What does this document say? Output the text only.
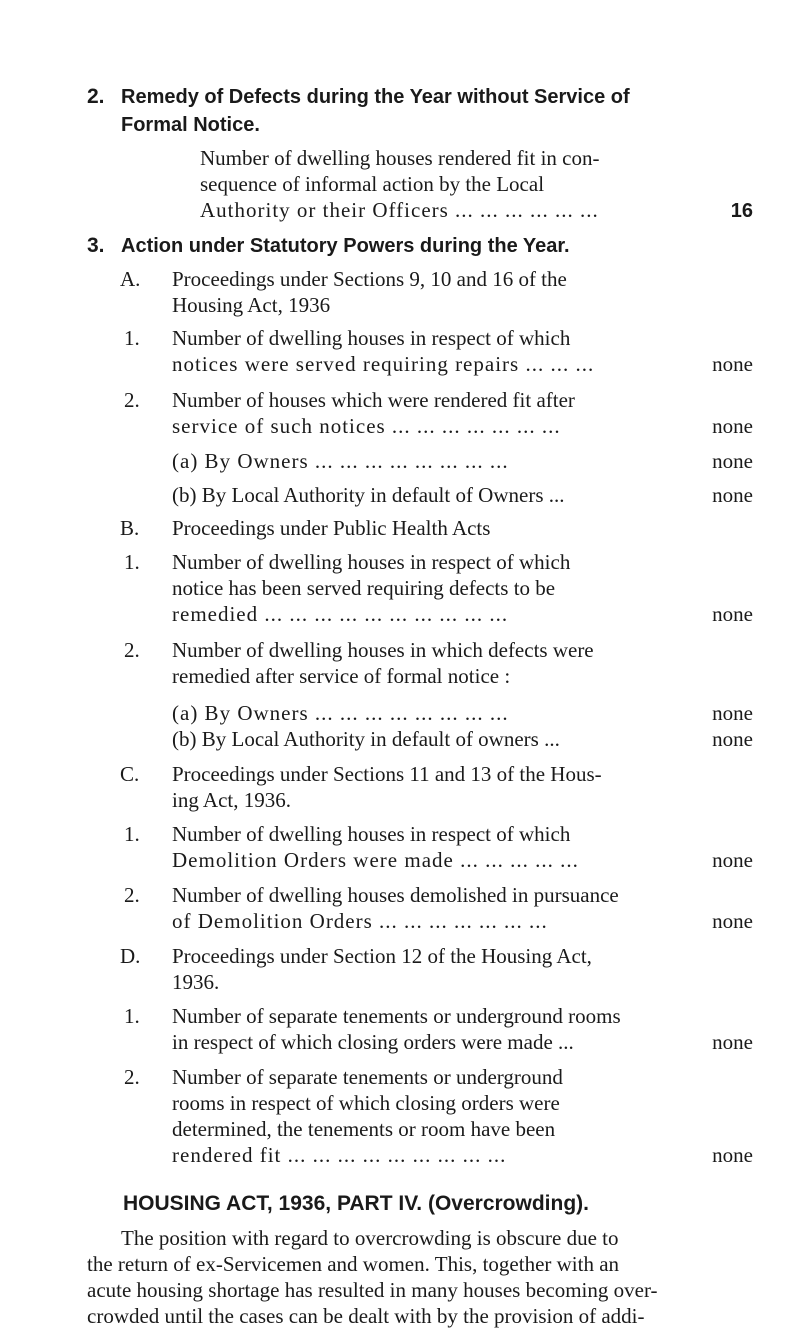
2. Remedy of Defects during the Year without Service of
Formal Notice.
Number of dwelling houses rendered fit in con-
sequence of informal action by the Local
Authority or their Officers ... ... ... ... ... ...	16
3. Action under Statutory Powers during the Year.
A. Proceedings under Sections 9, 10 and 16 of the
Housing Act, 1936
1. Number of dwelling houses in respect of which
notices were served requiring repairs ... ... ...	none
2. Number of houses which were rendered fit after
service of such notices ... ... ... ... ... ... ...	none
(a) By Owners ... ... ... ... ... ... ... ...	none
(b) By Local Authority in default of Owners ...	none
B. Proceedings under Public Health Acts
1. Number of dwelling houses in respect of which
notice has been served requiring defects to be
remedied ... ... ... ... ... ... ... ... ... ...	none
2. Number of dwelling houses in which defects were
remedied after service of formal notice :
(a) By Owners ... ... ... ... ... ... ... ...	none
(b) By Local Authority in default of owners ...	none
C. Proceedings under Sections 11 and 13 of the Hous-
ing Act, 1936.
1. Number of dwelling houses in respect of which
Demolition Orders were made ... ... ... ... ...	none
2. Number of dwelling houses demolished in pursuance
of Demolition Orders ... ... ... ... ... ... ...	none
D. Proceedings under Section 12 of the Housing Act,
1936.
1. Number of separate tenements or underground rooms
in respect of which closing orders were made ...	none
2. Number of separate tenements or underground
rooms in respect of which closing orders were
determined, the tenements or room have been
rendered fit ... ... ... ... ... ... ... ... ...	none
HOUSING ACT, 1936, PART IV. (Overcrowding).
The position with regard to overcrowding is obscure due to
the return of ex-Servicemen and women. This, together with an
acute housing shortage has resulted in many houses becoming over-
crowded until the cases can be dealt with by the provision of addi-
